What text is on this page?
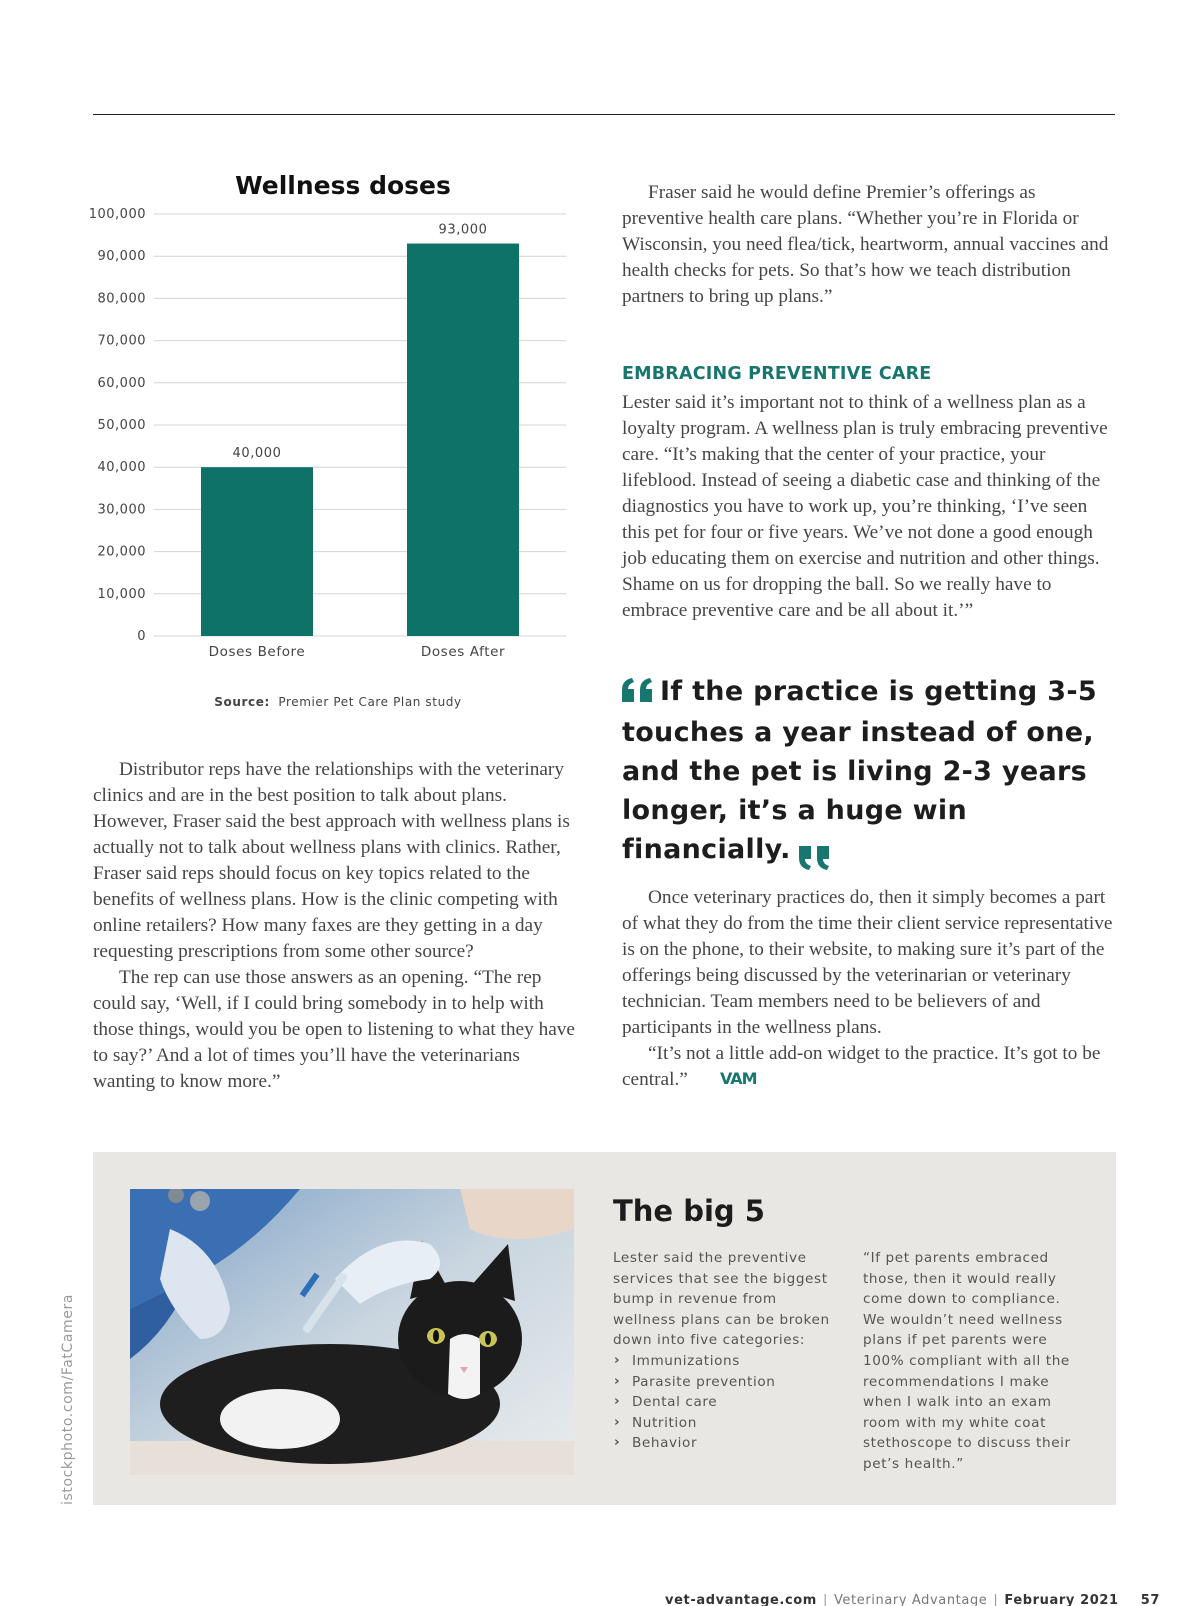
Wellness doses
0
10,000
20,000
30,000
40,000
50,000
60,000
70,000
80,000
90,000
100,000
40,000
93,000
Doses Before	Doses After
Source: Premier Pet Care Plan study

Fraser said he would define Premier’s offerings as preventive health care plans. “Whether you’re in Florida or Wisconsin, you need flea/tick, heartworm, annual vaccines and health checks for pets. So that’s how we teach distribution partners to bring up plans.”

EMBRACING PREVENTIVE CARE

Lester said it’s important not to think of a wellness plan as a loyalty program. A wellness plan is truly embracing preventive care. “It’s making that the center of your practice, your lifeblood. Instead of seeing a diabetic case and thinking of the diagnostics you have to work up, you’re thinking, ‘I’ve seen this pet for four or five years. We’ve not done a good enough job educating them on exercise and nutrition and other things. Shame on us for dropping the ball. So we really have to embrace preventive care and be all about it.’”

If the practice is getting 3-5 touches a year instead of one, and the pet is living 2-3 years longer, it’s a huge win financially.

Distributor reps have the relationships with the veterinary clinics and are in the best position to talk about plans. However, Fraser said the best approach with wellness plans is actually not to talk about wellness plans with clinics. Rather, Fraser said reps should focus on key topics related to the benefits of wellness plans. How is the clinic competing with online retailers? How many faxes are they getting in a day requesting prescriptions from some other source?

The rep can use those answers as an opening. “The rep could say, ‘Well, if I could bring somebody in to help with those things, would you be open to listening to what they have to say?’ And a lot of times you’ll have the veterinarians wanting to know more.”

Once veterinary practices do, then it simply becomes a part of what they do from the time their client service representative is on the phone, to their website, to making sure it’s part of the offerings being discussed by the veterinarian or veterinary technician. Team members need to be believers of and participants in the wellness plans.

“It’s not a little add-on widget to the practice. It’s got to be central.” VAM

The big 5

Lester said the preventive services that see the biggest bump in revenue from wellness plans can be broken down into five categories:

› Immunizations
› Parasite prevention
› Dental care
› Nutrition
› Behavior

“If pet parents embraced those, then it would really come down to compliance. We wouldn’t need wellness plans if pet parents were 100% compliant with all the recommendations I make when I walk into an exam room with my white coat stethoscope to discuss their pet’s health.”

istockphoto.com/FatCamera
vet-advantage.com | Veterinary Advantage | February 2021 57
